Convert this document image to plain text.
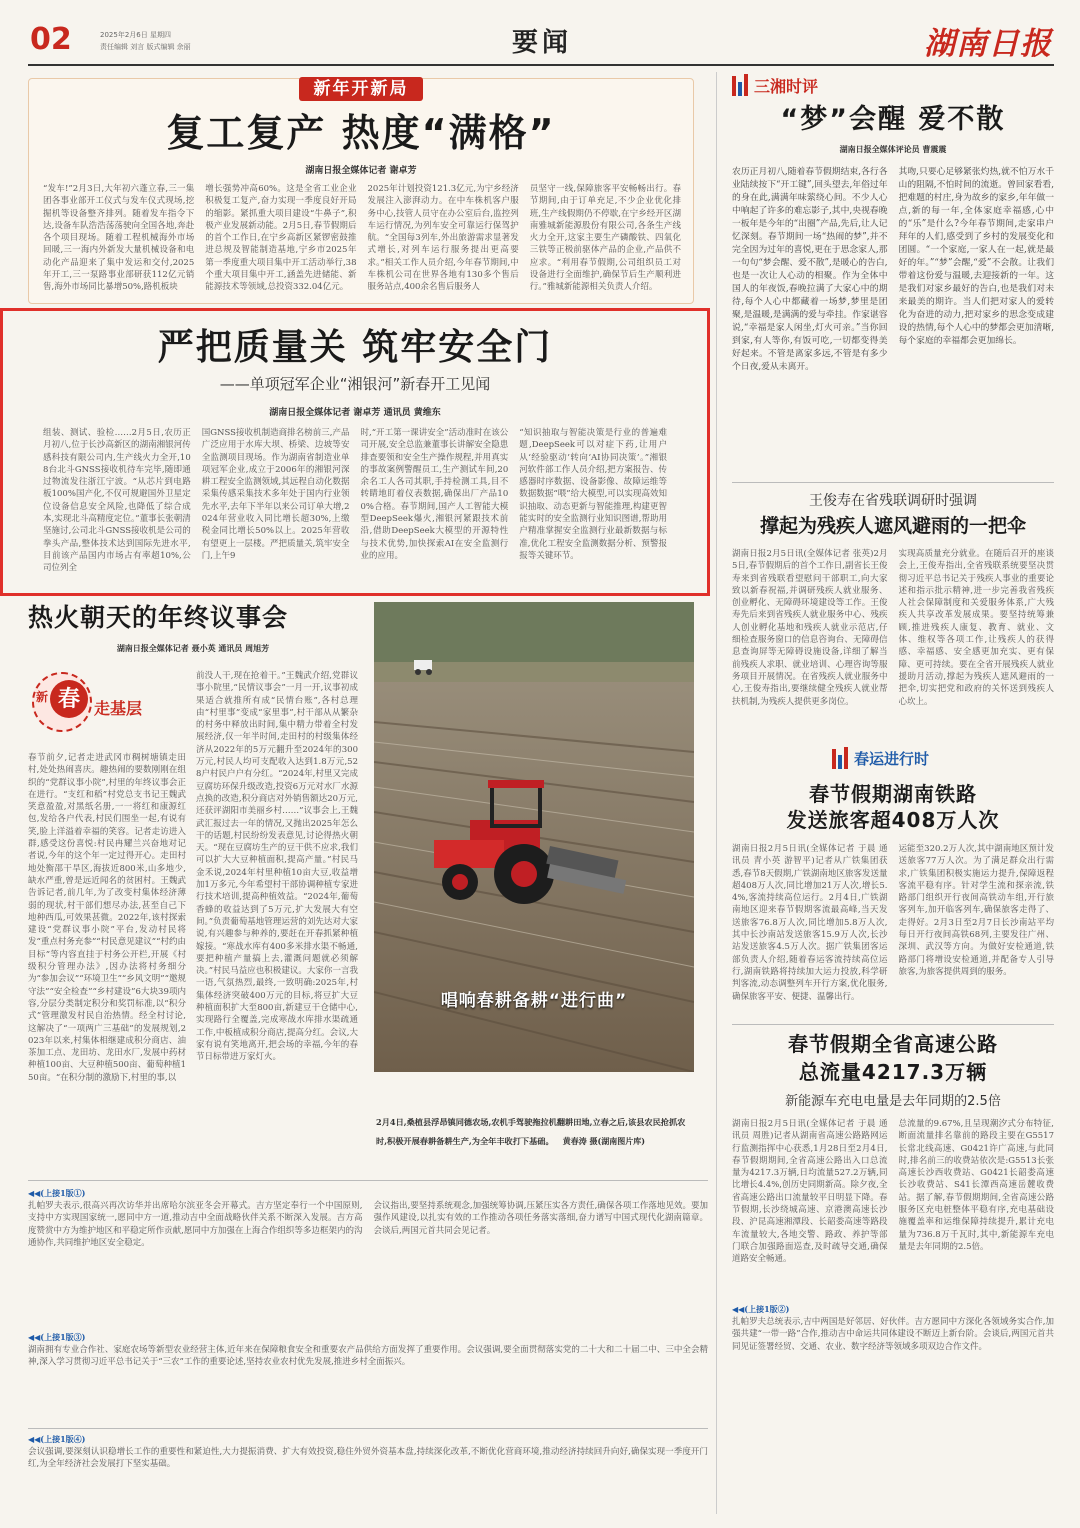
02	2025年2月6日 星期四
责任编辑 刘言 版式编辑 余丽	要闻	湖南日报
新年开新局
复工复产 热度“满格”
湖南日报全媒体记者 谢卓芳
“发车!”2月3日,大年初六蓬立春,三一集团各事业部开工仪式与发车仪式现场,挖掘机等设备整齐排列。随着发车指令下达,设备车队浩浩荡荡驶向全国各地,奔赴各个项目现场。随着工程机械海外市场回暖,三一海内外新发大量机械设备和电动化产品迎来了集中发运和交付,2025年开工,三一泵路事业部研获112亿元销售,海外市场同比暴增50%,路机板块
增长强势冲高60%。这是全省工业企业积极复工复产,奋力实现一季度良好开局的缩影。紧抓重大项目建设“牛鼻子”,积极产业发展新动能。2月5日,春节假期后的首个工作日,在宁乡高新区紧锣密鼓推进总规及智能制造基地,宁乡市2025年第一季度重大项目集中开工活动举行,38个重大项目集中开工,涵盖先进储能、新能源技术等领域,总投资332.04亿元。
2025年计划投资121.3亿元,为宁乡经济发展注入澎湃动力。在中车株机客户服务中心,技管人员守在办公室后台,监控列车运行情况,为列车安全可靠运行保驾护航。“全国每3列车,外出旅游需求显著发式增长,对列车运行服务提出更高要求。”相关工作人员介绍,今年春节期间,中车株机公司在世界各地有130多个售后服务站点,400余名售后服务人
员坚守一线,保障旅客平安畅畅出行。春节期间,由于订单充足,不少企业优化排班,生产线假期仍不停歇,在宁乡经开区湖南雅城新能源股份有限公司,各条生产线火力全开,这家主要生产磷酸铁、四氧化三铁等正极前驱体产品的企业,产品供不应求。“利用春节假期,公司组织员工对设备进行全面维护,确保节后生产顺利进行。”雅城新能源相关负责人介绍。
严把质量关 筑牢安全门
——单项冠军企业“湘银河”新春开工见闻
湖南日报全媒体记者 谢卓芳 通讯员 黄维东
组装、测试、验检……2月5日,农历正月初八,位于长沙高新区的湖南湘银河传感科技有限公司内,生产线火力全开,108台北斗GNSS接收机待车完毕,随即通过物流发往浙江宁波。“从芯片到电路板100%国产化,不仅可规避国外卫星定位设备信息安全风险,也降低了综合成本,实现北斗高精度定位。”董事长张朝清坚施讨,公司北斗GNSS接收机是公司的拳头产品,整体技术达到国际先进水平,目前该产品国内市场占有率超10%,公司位列全
国GNSS接收机制造商排名榜前三,产品广泛应用于水库大坝、桥梁、边坡等安全监测项目现场。作为湖南省制造业单项冠军企业,成立于2006年的湘银河深耕工程安全监测领域,其远程自动化数据采集传感采集技术多年处于国内行业领先水平,去年下半年以来公司订单大增,2024年营业收入同比增长超30%,上缴税金同比增长50%以上。2025年营收有望更上一层楼。严把质量关,筑牢安全门,上午9
时,“开工第一课讲安全”活动准时在该公司开展,安全总监兼董事长讲解安全隐患排查要领和安全生产操作规程,并用真实的事故案例警醒员工,生产测试车间,20余名工人各司其职,手持检测工具,目不转睛地盯着仪表数据,确保出厂产品100%合格。春节期间,国产人工智能大模型DeepSeek爆火,湘银河紧跟技术前沿,借助DeepSeek大模型的开源特性与技术优势,加快探索AI在安全监测行业的应用。
“知识抽取与智能决策是行业的普遍难题,DeepSeek可以对症下药,让用户从‘经验驱动’转向‘AI协同决策’。”湘银河软件部工作人员介绍,把方案报告、传感器时序数据、设备影像、故障运维等数据数据“喂”给大模型,可以实现高效知识抽取、动态更新与智能推理,构建更智能实时的安全监测行业知识图谱,帮助用户精准掌握安全监测行业最新数据与标准,优化工程安全监测数据分析、预警报报等关键环节。
热火朝天的年终议事会
湖南日报全媒体记者 聂小英 通讯员 周旭芳
新 春 走基层
春节前夕,记者走进武冈市稠树塘镇走田村,处处热闹喜庆。趣热闹的要数刚刚在组织的“党群议事小院”,村里的年终议事会正在进行。“支红和稻”村党总支书记王魏武笑意盈盈,对黑纸名册,一一将红和康源红包,发给各户代表,村民们围坐一起,有说有笑,脸上洋溢着幸福的笑容。记者走访进入群,感受这份喜悦:村民冉耀兰兴奋地对记者说,今年的这个年一定过得开心。走田村地处衡邵干旱区,海拔近800米,山多地少,缺水严重,曾是远近闻名的贫困村。王魏武告诉记者,前几年,为了改变村集体经济薄弱的现状,村干部们想尽办法,甚至自己下地种西瓜,可效果甚微。2022年,该村探索建设“党群议事小院”平台,发动村民将发“重点村务充参”“村民意见建议”“村约由目标”等内容直挂于村务公开栏,开展《村级积分管理办法》,因办法将村务细分为“参加会议”“环境卫生”“乡风文明”“邀规守法”“安全检查”“乡村建设”6大块39项内容,分层分类制定积分和奖罚标准,以“积分式”管理激发村民自治热情。经全村讨论,这解决了“一项两广三基础”的发展规划,2023年以来,村集体相继建成积分商店、油茶加工点、龙田坊、龙田水厂,发展中药材种植100亩、大豆种植500亩、葡萄种植150亩。“在积分制的激励下,村里的事,以
前没人干,现在抢着干。”王魏武介绍,党群议事小院里,“民情议事会”一月一开,议事初成果适合就推所有成“民情台账”,各村总理由“村里事”变成“家里事”,村干部从从繁杂的村务中释放出时间,集中精力带着全村发展经济,仅一年半时间,走田村的村级集体经济从2022年的5万元翻升至2024年的300万元,村民人均可支配收入达到1.8万元,528户村民户户有分红。“2024年,村里又完成豆腐坊环保升级改造,投资6万元对水厂水源点换的改造,积分商店对外销售额达20万元,还获评湖阳市美丽乡村……”议事会上,王魏武汇报过去一年的情况,又抛出2025年怎么干的话题,村民纷纷发表意见,讨论得热火朝天。“现在豆腐坊生产的豆干供不应求,我们可以扩大大豆种植面积,提高产量。”村民马金禾说,2024年村里种植10亩大豆,收益增加1万多元,今年希望村干部协调种植专家进行技术培训,提高种植效益。“2024年,葡萄香蜂的收益达到了5万元,扩大发展大有空间。”负责葡萄基地管理运营的刘先达对大家说,有兴趣参与种养的,要赶在开春抓紧种植嫁接。“寒战水库有400多米排水渠不畅通,要把种植产量搞上去,灌溉问题就必须解决。”村民马益应也积极建议。大家你一言我一语,气氛热烈,最终,一致明确:2025年,村集体经济突破400万元的目标,将豆扩大豆种植面积扩大至800亩,新建豆干仓储中心,实现路行全覆盖,完成寒战水库排水渠疏通工作,中板植成积分商店,提高分红。会议,大家有说有笑地离开,把会场的幸福,今年的春节日标带进万家灯火。
唱响春耕备耕“进行曲”
2月4日,桑植县浮昂镇同德农场,农机手驾驶拖拉机翻耕田地,立春之后,该县农民抢抓农时,积极开展春耕备耕生产,为全年丰收打下基础。 黄春涛 摄(湖南图片库)
三湘时评
“梦”会醒 爱不散
湖南日报全媒体评论员 曹震震
农历正月初八,随着春节假期结束,各行各业陆续按下“开工键”,回头望去,年俗过年的身在此,满满年味萦绕心间。不少人心中响起了许多的难忘影子,其中,央视春晚一板年是今年的“出圈”产品,先后,让人记忆深刻。春节期间一场“热闹的梦”,并不完全因为过年的喜悦,更在于思念家人,那一句句“梦会醒、爱不散”,是暖心的告白,也是一次让人心动的相聚。作为全体中国人的年夜饭,春晚拉满了大家心中的期待,每个人心中都藏着一场梦,梦里是团聚,是温暖,是满满的爱与牵挂。作家谌容说,“幸福是家人闲坐,灯火可亲。”当你回到家,有人等你,有饭可吃,一切都变得美好起来。不管是离家多远,不管是有多少个日夜,爱从未离开。
其吻,只要心足够紧张灼热,就不怕万水千山的阻隔,不怕时间的流逝。曾回家看看,把难题的村庄,身为故乡的家乡,年年做一点,新的每一年,全体家庭幸福感,心中的“乐”是什么?今年春节期间,走家串户拜年的人们,感受到了乡村的发展变化和团圆。“一个家庭,一家人在一起,就是最好的年。”“梦”会醒,“爱”不会散。让我们带着这份爱与温暖,去迎接新的一年。这是我们对家乡最好的告白,也是我们对未来最美的期许。当人们把对家人的爱转化为奋进的动力,把对家乡的思念变成建设的热情,每个人心中的梦都会更加清晰,每个家庭的幸福都会更加绵长。
王俊寿在省残联调研时强调
撑起为残疾人遮风避雨的一把伞
湖南日报2月5日讯(全媒体记者 张英)2月5日,春节假期后的首个工作日,副省长王俊寿来到省残联看望慰问干部职工,向大家致以新春祝福,并调研残疾人就业服务、创业孵化、无障碍环境建设等工作。王俊寿先后来到省残疾人就业服务中心、残疾人创业孵化基地和残疾人就业示范店,仔细检查服务窗口的信息咨询台、无障碍信息查询屏等无障碍设施设备,详细了解当前残疾人求职、就业培训、心理咨询等服务项目开展情况。在省残疾人就业服务中心,王俊寿指出,要继续健全残疾人就业帮扶机制,为残疾人提供更多岗位。
实现高质量充分就业。在随后召开的座谈会上,王俊寿指出,全省残联系统要坚决贯彻习近平总书记关于残疾人事业的重要论述和指示批示精神,进一步完善我省残疾人社会保障制度和关爱服务体系,广大残疾人共享改革发展成果。要坚持统筹兼顾,推进残疾人康复、教育、就业、文体、维权等各项工作,让残疾人的获得感、幸福感、安全感更加充实、更有保障、更可持续。要在全省开展残疾人就业援助月活动,撑起为残疾人遮风避雨的一把伞,切实把党和政府的关怀送到残疾人心坎上。
春运进行时
春节假期湖南铁路
发送旅客超408万人次
湖南日报2月5日讯(全媒体记者 于晨 通讯员 青小英 游智平)记者从广铁集团获悉,春节8天假期,广铁湖南地区旅客发送量超408万人次,同比增加21万人次,增长5.4%,客流持续高位运行。2月4日,广铁湖南地区迎来春节假期客流最高峰,当天发送旅客76.8万人次,同比增加5.8万人次,其中长沙南站发送旅客15.9万人次,长沙站发送旅客4.5万人次。据广铁集团客运部负责人介绍,随着春运客流持续高位运行,湖南铁路将持续加大运力投放,科学研判客流,动态调整列车开行方案,优化服务,确保旅客平安、便捷、温馨出行。
运能至320.2万人次,其中湖南地区预计发送旅客77万人次。为了满足群众出行需求,广铁集团积极实施运力提升,保障返程客流平稳有序。针对学生流和探亲流,铁路部门组织开行夜间高铁动车组,开行旅客列车,加开临客列车,确保旅客走得了、走得好。2月3日至2月7日长沙南站平均每日开行夜间高铁68列,主要发往广州、深圳、武汉等方向。为做好安检通道,铁路部门将增设安检通道,并配备专人引导旅客,为旅客提供周到的服务。
春节假期全省高速公路
总流量4217.3万辆
新能源车充电电量是去年同期的2.5倍
湖南日报2月5日讯(全媒体记者 于晨 通讯员 周胜)记者从湖南省高速公路路网运行监测指挥中心获悉,1月28日至2月4日,春节假期期间,全省高速公路出入口总流量为4217.3万辆,日均流量527.2万辆,同比增长4.4%,创历史同期新高。除夕夜,全省高速公路出口流量较平日明显下降。春节假期,长沙绕城高速、京港澳高速长沙段、沪昆高速湘潭段、长韶娄高速等路段车流量较大,各地交警、路政、养护等部门联合加强路面巡查,及时疏导交通,确保道路安全畅通。
总流量的9.67%,且呈现潮汐式分布特征,断面流量排名靠前的路段主要在G5517长常北线高速、G0421许广高速,与此同时,排名前三的收费站依次是:G5513长张高速长沙西收费站、G0421长韶娄高速长沙收费站、S41长潭西高速岳麓收费站。据了解,春节假期期间,全省高速公路服务区充电桩整体平稳有序,充电基础设施覆盖率和运维保障持续提升,累计充电量为736.8万千瓦时,其中,新能源车充电量是去年同期的2.5倍。
◀◀(上接1版①)
扎帕罗夫表示,很高兴再次访华并出席哈尔滨亚冬会开幕式。吉方坚定奉行一个中国原则,支持中方实现国家统一,愿同中方一道,推动吉中全面战略伙伴关系不断深入发展。吉方高度赞赏中方为维护地区和平稳定所作贡献,愿同中方加强在上海合作组织等多边框架内的沟通协作,共同维护地区安全稳定。
会议指出,要坚持系统观念,加强统筹协调,压紧压实各方责任,确保各项工作落地见效。要加强作风建设,以扎实有效的工作推动各项任务落实落细,奋力谱写中国式现代化湖南篇章。会谈后,两国元首共同会见记者。
◀◀(上接1版③)
湖南拥有专业合作社、家庭农场等新型农业经营主体,近年来在保障粮食安全和重要农产品供给方面发挥了重要作用。会议强调,要全面贯彻落实党的二十大和二十届二中、三中全会精神,深入学习贯彻习近平总书记关于“三农”工作的重要论述,坚持农业农村优先发展,推进乡村全面振兴。
◀◀(上接1版④)
会议强调,要深刻认识稳增长工作的重要性和紧迫性,大力提振消费、扩大有效投资,稳住外贸外资基本盘,持续深化改革,不断优化营商环境,推动经济持续回升向好,确保实现一季度开门红,为全年经济社会发展打下坚实基础。
◀◀(上接1版②)
扎帕罗夫总统表示,吉中两国是好邻居、好伙伴。吉方愿同中方深化各领域务实合作,加强共建“一带一路”合作,推动吉中命运共同体建设不断迈上新台阶。会谈后,两国元首共同见证签署经贸、交通、农业、数字经济等领域多项双边合作文件。
